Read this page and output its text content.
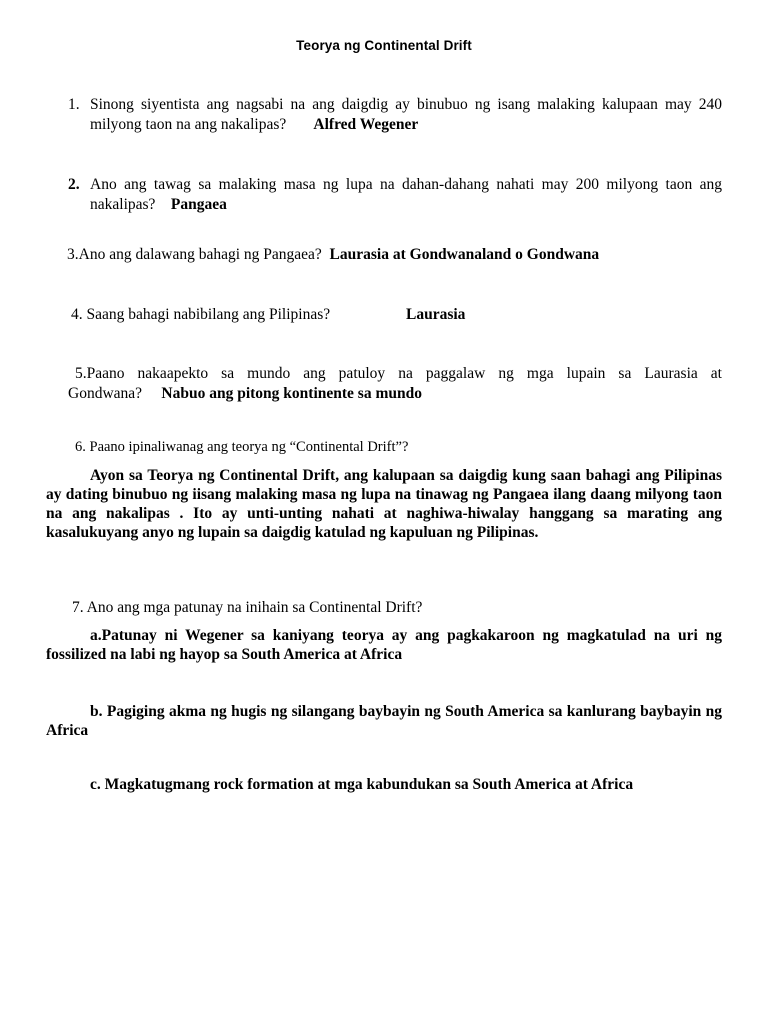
Teorya ng Continental Drift
1. Sinong siyentista ang nagsabi na ang daigdig ay binubuo ng isang malaking kalupaan may 240 milyong taon na ang nakalipas? Alfred Wegener
2. Ano ang tawag sa malaking masa ng lupa na dahan-dahang nahati may 200 milyong taon ang nakalipas? Pangaea
3.Ano ang dalawang bahagi ng Pangaea? Laurasia at Gondwanaland o Gondwana
4. Saang bahagi nabibilang ang Pilipinas?	Laurasia
5.Paano nakaapekto sa mundo ang patuloy na paggalaw ng mga lupain sa Laurasia at
Gondwana? Nabuo ang pitong kontinente sa mundo
6. Paano ipinaliwanag ang teorya ng “Continental Drift”?
Ayon sa Teorya ng Continental Drift, ang kalupaan sa daigdig kung saan bahagi ang Pilipinas ay dating binubuo ng iisang malaking masa ng lupa na tinawag ng Pangaea ilang daang milyong taon na ang nakalipas . Ito ay unti-unting nahati at naghiwa-hiwalay hanggang sa marating ang kasalukuyang anyo ng lupain sa daigdig katulad ng kapuluan ng Pilipinas.
7. Ano ang mga patunay na inihain sa Continental Drift?
a.Patunay ni Wegener sa kaniyang teorya ay ang pagkakaroon ng magkatulad na uri ng fossilized na labi ng hayop sa South America at Africa
b. Pagiging akma ng hugis ng silangang baybayin ng South America sa kanlurang baybayin ng Africa
c. Magkatugmang rock formation at mga kabundukan sa South America at Africa
